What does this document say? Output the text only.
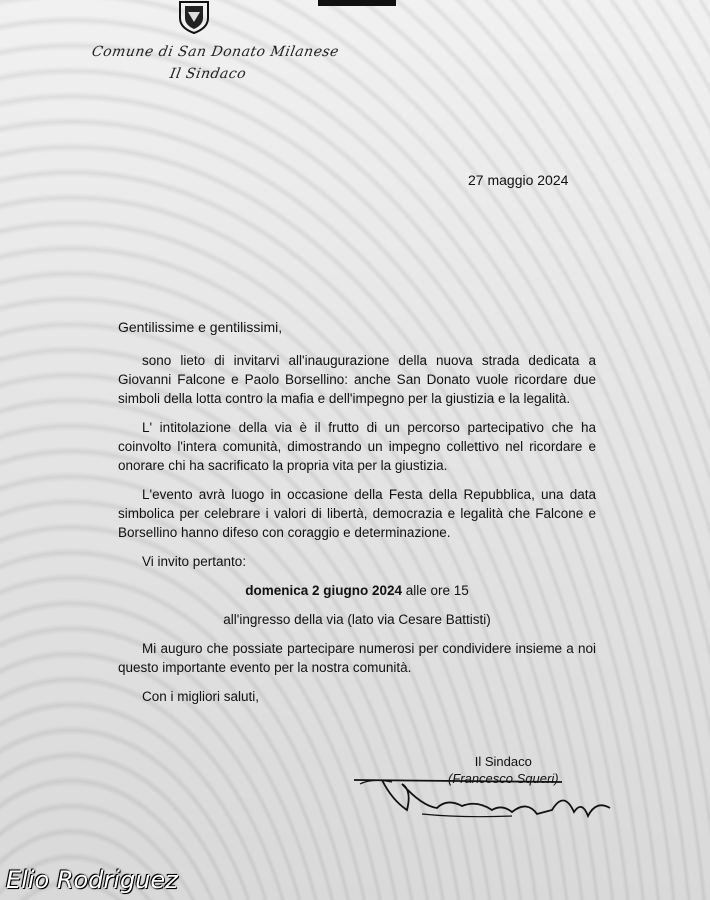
Comune di San Donato Milanese
Il Sindaco
27 maggio 2024

Gentilissime e gentilissimi,

sono lieto di invitarvi all'inaugurazione della nuova strada dedicata a Giovanni Falcone e Paolo Borsellino: anche San Donato vuole ricordare due simboli della lotta contro la mafia e dell'impegno per la giustizia e la legalità.

L' intitolazione della via è il frutto di un percorso partecipativo che ha coinvolto l'intera comunità, dimostrando un impegno collettivo nel ricordare e onorare chi ha sacrificato la propria vita per la giustizia.

L'evento avrà luogo in occasione della Festa della Repubblica, una data simbolica per celebrare i valori di libertà, democrazia e legalità che Falcone e Borsellino hanno difeso con coraggio e determinazione.

Vi invito pertanto:

domenica 2 giugno 2024 alle ore 15

all'ingresso della via (lato via Cesare Battisti)

Mi auguro che possiate partecipare numerosi per condividere insieme a noi questo importante evento per la nostra comunità.

Con i migliori saluti,

Il Sindaco
(Francesco Squeri)
Elio Rodriguez
